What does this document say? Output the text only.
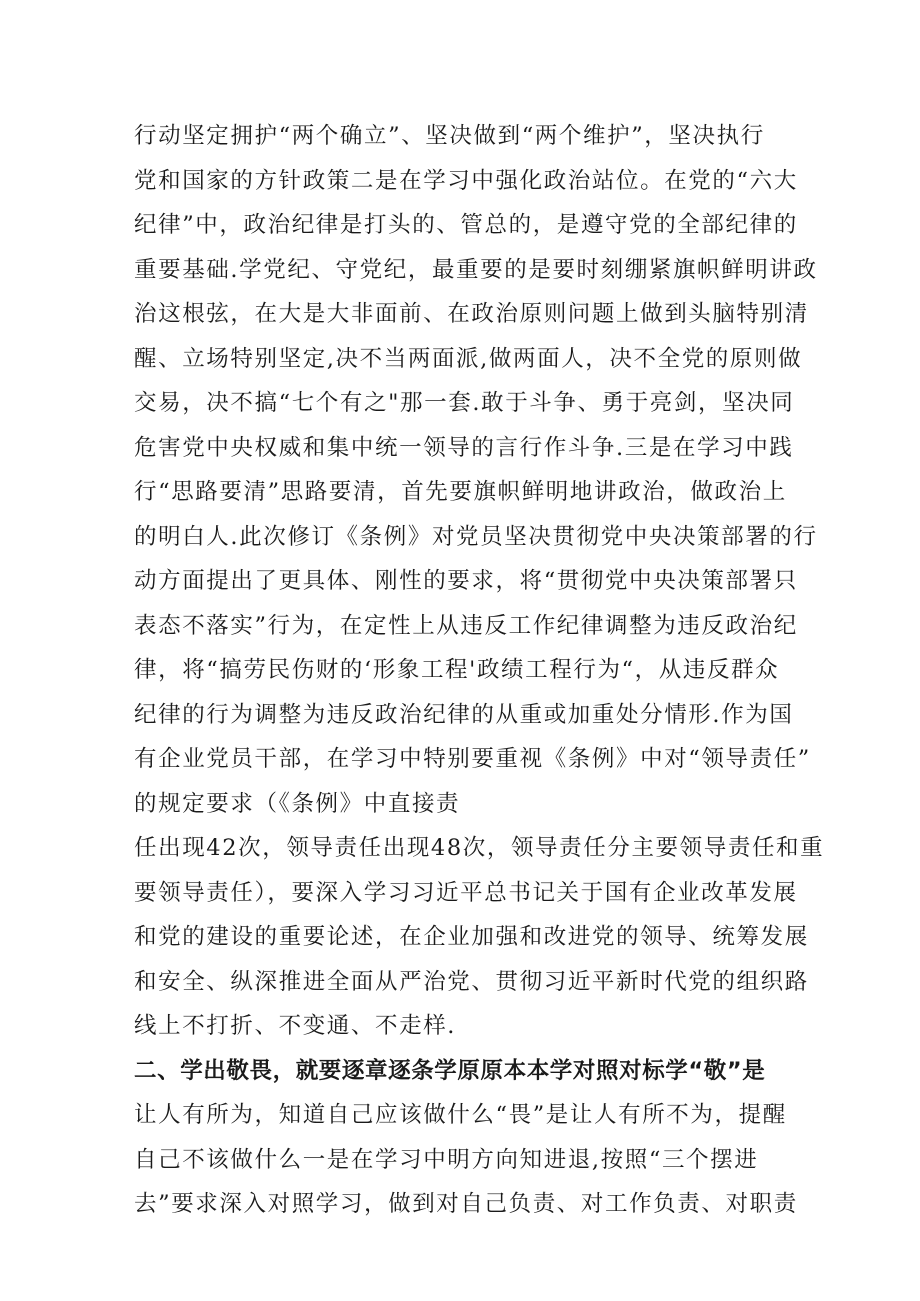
行动坚定拥护“两个确立”、坚决做到“两个维护”，坚决执行
党和国家的方针政策二是在学习中强化政治站位。在党的“六大
纪律”中，政治纪律是打头的、管总的，是遵守党的全部纪律的
重要基础.学党纪、守党纪，最重要的是要时刻绷紧旗帜鲜明讲政
治这根弦，在大是大非面前、在政治原则问题上做到头脑特别清
醒、立场特别坚定,决不当两面派,做两面人，决不全党的原则做
交易，决不搞“七个有之"那一套.敢于斗争、勇于亮剑，坚决同
危害党中央权威和集中统一领导的言行作斗争.三是在学习中践
行“思路要清”思路要清，首先要旗帜鲜明地讲政治，做政治上
的明白人.此次修订《条例》对党员坚决贯彻党中央决策部署的行
动方面提出了更具体、刚性的要求，将“贯彻党中央决策部署只
表态不落实”行为，在定性上从违反工作纪律调整为违反政治纪
律，将“搞劳民伤财的‘形象工程'政绩工程行为“，从违反群众
纪律的行为调整为违反政治纪律的从重或加重处分情形.作为国
有企业党员干部，在学习中特别要重视《条例》中对“领导责任”
的规定要求（《条例》中直接责
任出现42次，领导责任出现48次，领导责任分主要领导责任和重
要领导责任），要深入学习习近平总书记关于国有企业改革发展
和党的建设的重要论述，在企业加强和改进党的领导、统筹发展
和安全、纵深推进全面从严治党、贯彻习近平新时代党的组织路
线上不打折、不变通、不走样.
二、学出敬畏，就要逐章逐条学原原本本学对照对标学“敬”是
让人有所为，知道自己应该做什么“畏”是让人有所不为，提醒
自己不该做什么一是在学习中明方向知进退,按照“三个摆进
去”要求深入对照学习，做到对自己负责、对工作负责、对职责
